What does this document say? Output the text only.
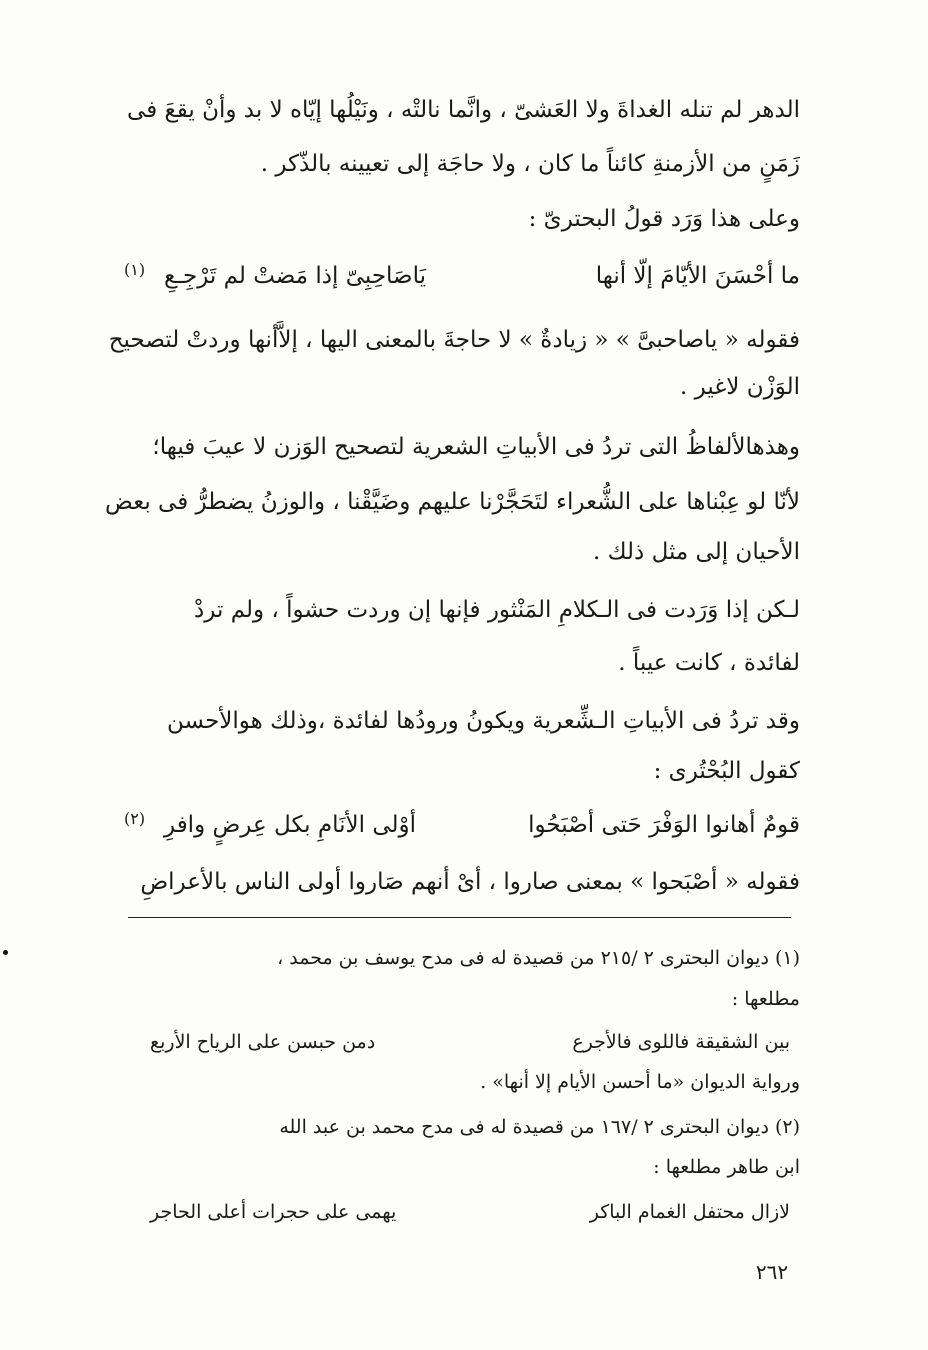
الدهر لم تنله الغداةَ ولا العَشىّ ، وانَّما نالتْه ، ونَيْلُها إيّاه لا بد وأنْ يقعَ فى
زَمَنٍ من الأزمنةِ كائناً ما كان ، ولا حاجَة إلى تعيينه بالذّكر .
وعلى هذا وَرَد قولُ البحترىّ :
ما أحْسَنَ الأيّامَ إلّا أنها
يَاصَاحِبِىّ إذا مَضتْ لم تَرْجِـعِ
(١)
فقوله « ياصاحبىَّ » « زيادةٌ » لا حاجةَ بالمعنى اليها ، إلاَّأنها وردتْ لتصحيح
الوَزْن لاغير .
وهذهالألفاظُ التى تردُ فى الأبياتِ الشعرية لتصحيح الوَزن لا عيبَ فيها؛
لأنّا لو عِبْناها على الشُّعراء لتَحَجَّرْنا عليهم وضَيَّقْنا ، والوزنُ يضطرُّ فى بعض
الأحيان إلى مثل ذلك .
لـكن إذا وَرَدت فى الـكلامِ المَنْثور فإنها إن وردت حشواً ، ولم تردْ
لفائدة ، كانت عيباً .
وقد تردُ فى الأبياتِ الـشِّعرية ويكونُ ورودُها لفائدة ،وذلك هوالأحسن
كقول البُحْتُرى :
قومٌ أهانوا الوَفْرَ حَتى أصْبَحُوا
أوْلى الأنَامِ بكل عِرضٍ وافرِ
(٢)
فقوله « أصْبَحوا » بمعنى صاروا ، أىْ أنهم صَاروا أولى الناس بالأعراضِ
(١) ديوان البحترى ٢ /٢١٥ من قصيدة له فى مدح يوسف بن محمد ،
مطلعها :
بين الشقيقة فاللوى فالأجرع
دمن حبسن على الرياح الأربع
ورواية الديوان «ما أحسن الأيام إلا أنها» .
(٢) ديوان البحترى ٢ /١٦٧ من قصيدة له فى مدح محمد بن عبد الله
ابن طاهر مطلعها :
لازال محتفل الغمام الباكر
يهمى على حجرات أعلى الحاجر
٢٦٢
